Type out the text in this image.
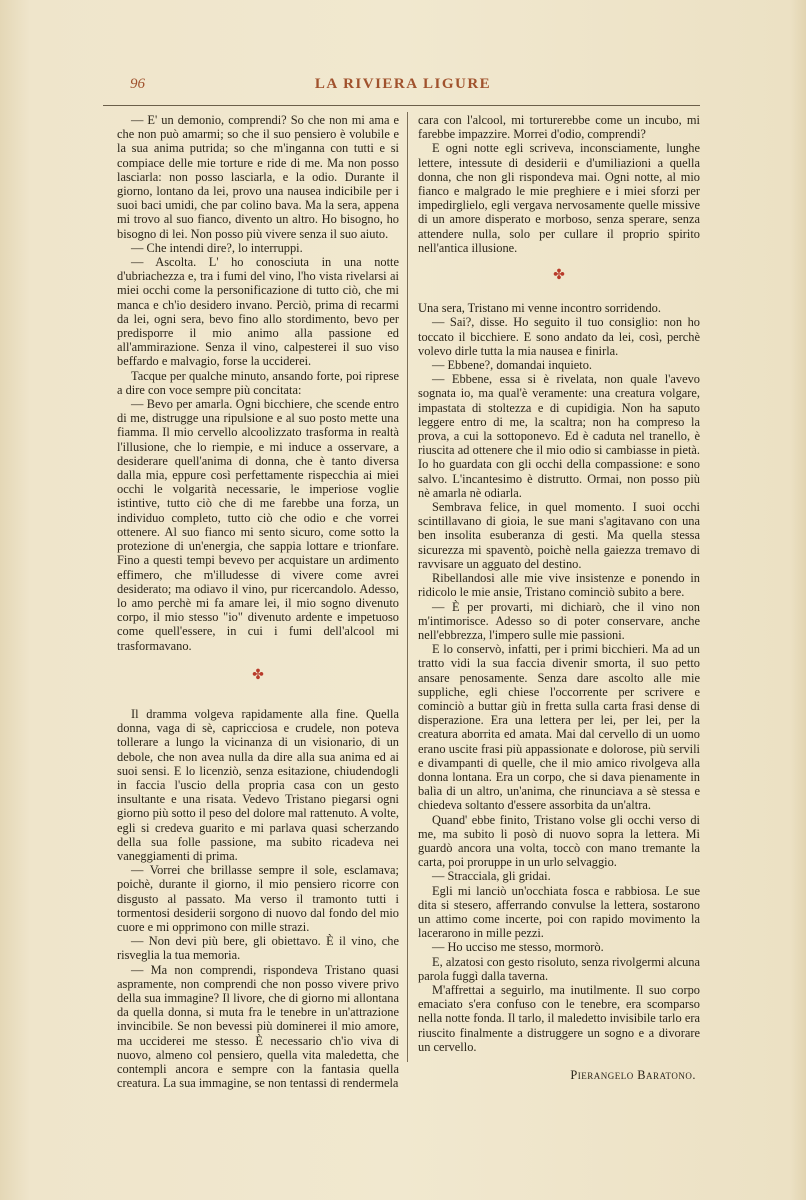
96	LA RIVIERA LIGURE

— E' un demonio, comprendi? So che non mi ama e che non può amarmi; so che il suo pensiero è volubile e la sua anima putrida; so che m'inganna con tutti e si compiace delle mie torture e ride di me. Ma non posso lasciarla: non posso lasciarla, e la odio. Durante il giorno, lontano da lei, provo una nausea indicibile per i suoi baci umidi, che par colino bava. Ma la sera, appena mi trovo al suo fianco, divento un altro. Ho bisogno, ho bisogno di lei. Non posso più vivere senza il suo aiuto.

— Che intendi dire?, lo interruppi.

— Ascolta. L' ho conosciuta in una notte d'ubriachezza e, tra i fumi del vino, l'ho vista rivelarsi ai miei occhi come la personificazione di tutto ciò, che mi manca e ch'io desidero invano. Perciò, prima di recarmi da lei, ogni sera, bevo fino allo stordimento, bevo per predisporre il mio animo alla passione ed all'ammirazione. Senza il vino, calpesterei il suo viso beffardo e malvagio, forse la ucciderei.

Tacque per qualche minuto, ansando forte, poi riprese a dire con voce sempre più concitata:

— Bevo per amarla. Ogni bicchiere, che scende entro di me, distrugge una ripulsione e al suo posto mette una fiamma. Il mio cervello alcoolizzato trasforma in realtà l'illusione, che lo riempie, e mi induce a osservare, a desiderare quell'anima di donna, che è tanto diversa dalla mia, eppure così perfettamente rispecchia ai miei occhi le volgarità necessarie, le imperiose voglie istintive, tutto ciò che di me farebbe una forza, un individuo completo, tutto ciò che odio e che vorrei ottenere. Al suo fianco mi sento sicuro, come sotto la protezione di un'energia, che sappia lottare e trionfare. Fino a questi tempi bevevo per acquistare un ardimento effimero, che m'illudesse di vivere come avrei desiderato; ma odiavo il vino, pur ricercandolo. Adesso, lo amo perchè mi fa amare lei, il mio sogno divenuto corpo, il mio stesso "io" divenuto ardente e impetuoso come quell'essere, in cui i fumi dell'alcool mi trasformavano.

✤

Il dramma volgeva rapidamente alla fine. Quella donna, vaga di sè, capricciosa e crudele, non poteva tollerare a lungo la vicinanza di un visionario, di un debole, che non avea nulla da dire alla sua anima ed ai suoi sensi. E lo licenziò, senza esitazione, chiudendogli in faccia l'uscio della propria casa con un gesto insultante e una risata. Vedevo Tristano piegarsi ogni giorno più sotto il peso del dolore mal rattenuto. A volte, egli si credeva guarito e mi parlava quasi scherzando della sua folle passione, ma subito ricadeva nei vaneggiamenti di prima.

— Vorrei che brillasse sempre il sole, esclamava; poichè, durante il giorno, il mio pensiero ricorre con disgusto al passato. Ma verso il tramonto tutti i tormentosi desiderii sorgono di nuovo dal fondo del mio cuore e mi opprimono con mille strazi.

— Non devi più bere, gli obiettavo. È il vino, che risveglia la tua memoria.

— Ma non comprendi, rispondeva Tristano quasi aspramente, non comprendi che non posso vivere privo della sua immagine? Il livore, che di giorno mi allontana da quella donna, si muta fra le tenebre in un'attrazione invincibile. Se non bevessi più dominerei il mio amore, ma ucciderei me stesso. È necessario ch'io viva di nuovo, almeno col pensiero, quella vita maledetta, che contempli ancora e sempre con la fantasia quella creatura. La sua immagine, se non tentassi di rendermela

cara con l'alcool, mi torturerebbe come un incubo, mi farebbe impazzire. Morrei d'odio, comprendi?

E ogni notte egli scriveva, inconsciamente, lunghe lettere, intessute di desiderii e d'umiliazioni a quella donna, che non gli rispondeva mai. Ogni notte, al mio fianco e malgrado le mie preghiere e i miei sforzi per impedirglielo, egli vergava nervosamente quelle missive di un amore disperato e morboso, senza sperare, senza attendere nulla, solo per cullare il proprio spirito nell'antica illusione.

✤

Una sera, Tristano mi venne incontro sorridendo.

— Sai?, disse. Ho seguito il tuo consiglio: non ho toccato il bicchiere. E sono andato da lei, così, perchè volevo dirle tutta la mia nausea e finirla.

— Ebbene?, domandai inquieto.

— Ebbene, essa si è rivelata, non quale l'avevo sognata io, ma qual'è veramente: una creatura volgare, impastata di stoltezza e di cupidigia. Non ha saputo leggere entro di me, la scaltra; non ha compreso la prova, a cui la sottoponevo. Ed è caduta nel tranello, è riuscita ad ottenere che il mio odio si cambiasse in pietà. Io ho guardata con gli occhi della compassione: e sono salvo. L'incantesimo è distrutto. Ormai, non posso più nè amarla nè odiarla.

Sembrava felice, in quel momento. I suoi occhi scintillavano di gioia, le sue mani s'agitavano con una ben insolita esuberanza di gesti. Ma quella stessa sicurezza mi spaventò, poichè nella gaiezza tremavo di ravvisare un agguato del destino.

Ribellandosi alle mie vive insistenze e ponendo in ridicolo le mie ansie, Tristano cominciò subito a bere.

— È per provarti, mi dichiarò, che il vino non m'intimorisce. Adesso so di poter conservare, anche nell'ebbrezza, l'impero sulle mie passioni.

E lo conservò, infatti, per i primi bicchieri. Ma ad un tratto vidi la sua faccia divenir smorta, il suo petto ansare penosamente. Senza dare ascolto alle mie suppliche, egli chiese l'occorrente per scrivere e cominciò a buttar giù in fretta sulla carta frasi dense di disperazione. Era una lettera per lei, per lei, per la creatura aborrita ed amata. Mai dal cervello di un uomo erano uscite frasi più appassionate e dolorose, più servili e divampanti di quelle, che il mio amico rivolgeva alla donna lontana. Era un corpo, che si dava pienamente in balìa di un altro, un'anima, che rinunciava a sè stessa e chiedeva soltanto d'essere assorbita da un'altra.

Quand' ebbe finito, Tristano volse gli occhi verso di me, ma subito li posò di nuovo sopra la lettera. Mi guardò ancora una volta, toccò con mano tremante la carta, poi proruppe in un urlo selvaggio.

— Stracciala, gli gridai.

Egli mi lanciò un'occhiata fosca e rabbiosa. Le sue dita si stesero, afferrando convulse la lettera, sostarono un attimo come incerte, poi con rapido movimento la lacerarono in mille pezzi.

— Ho ucciso me stesso, mormorò.

E, alzatosi con gesto risoluto, senza rivolgermi alcuna parola fuggì dalla taverna.

M'affrettai a seguirlo, ma inutilmente. Il suo corpo emaciato s'era confuso con le tenebre, era scomparso nella notte fonda. Il tarlo, il maledetto invisibile tarlo era riuscito finalmente a distruggere un sogno e a divorare un cervello.

Pierangelo Baratono.
